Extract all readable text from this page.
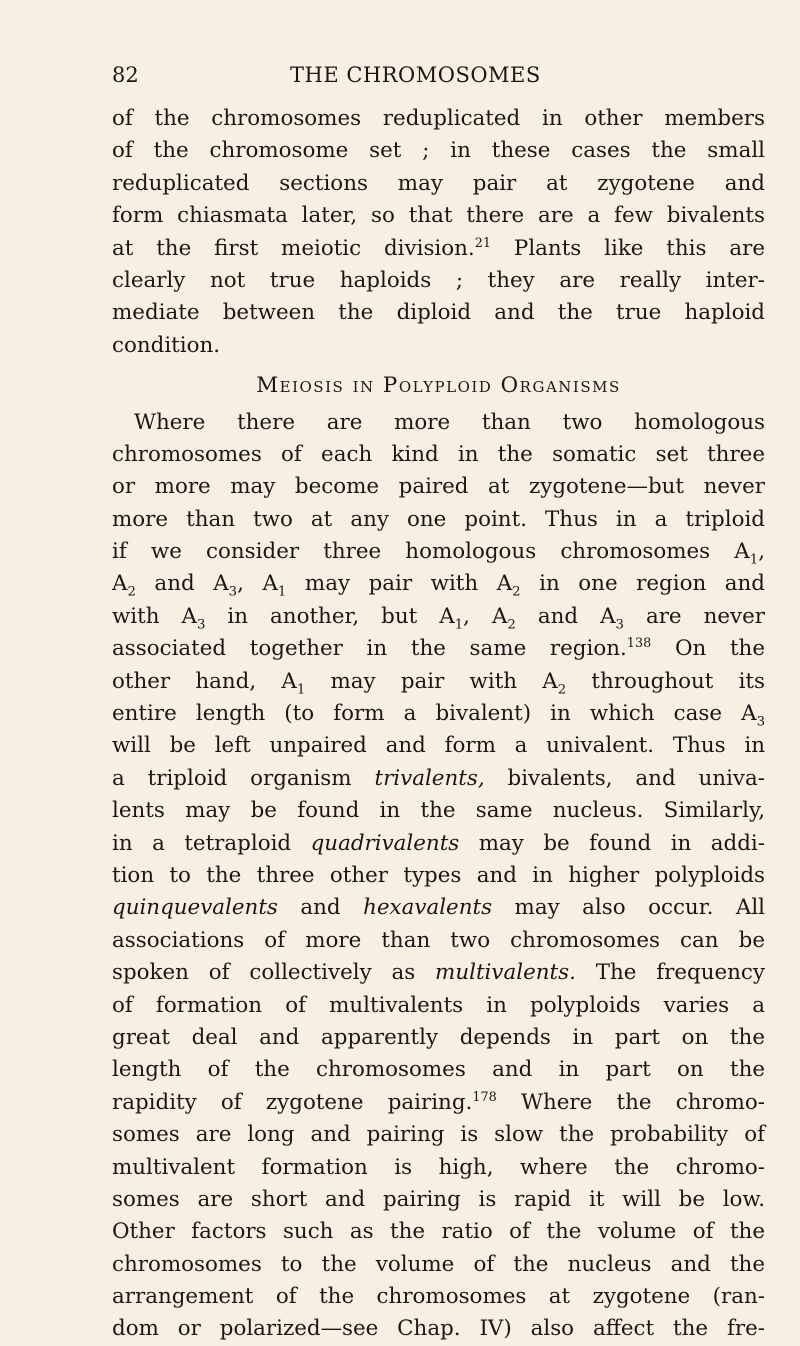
82	THE CHROMOSOMES
of the chromosomes reduplicated in other members
of the chromosome set ; in these cases the small
reduplicated sections may pair at zygotene and
form chiasmata later, so that there are a few bivalents
at the first meiotic division.$^{21}$ Plants like this are
clearly not true haploids ; they are really inter-
mediate between the diploid and the true haploid
condition.
Meiosis in Polyploid Organisms
Where there are more than two homologous
chromosomes of each kind in the somatic set three
or more may become paired at zygotene—but never
more than two at any one point. Thus in a triploid
if we consider three homologous chromosomes $A_1$,
$A_2$ and $A_3$, $A_1$ may pair with $A_2$ in one region and
with $A_3$ in another, but $A_1$, $A_2$ and $A_3$ are never
associated together in the same region.$^{138}$ On the
other hand, $A_1$ may pair with $A_2$ throughout its
entire length (to form a bivalent) in which case $A_3$
will be left unpaired and form a univalent. Thus in
a triploid organism trivalents, bivalents, and univa-
lents may be found in the same nucleus. Similarly,
in a tetraploid quadrivalents may be found in addi-
tion to the three other types and in higher polyploids
quinquevalents and hexavalents may also occur. All
associations of more than two chromosomes can be
spoken of collectively as multivalents. The frequency
of formation of multivalents in polyploids varies a
great deal and apparently depends in part on the
length of the chromosomes and in part on the
rapidity of zygotene pairing.$^{178}$ Where the chromo-
somes are long and pairing is slow the probability of
multivalent formation is high, where the chromo-
somes are short and pairing is rapid it will be low.
Other factors such as the ratio of the volume of the
chromosomes to the volume of the nucleus and the
arrangement of the chromosomes at zygotene (ran-
dom or polarized—see Chap. IV) also affect the fre-
